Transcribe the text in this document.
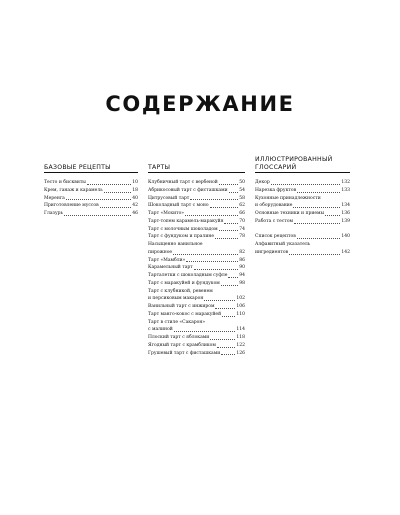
СОДЕРЖАНИЕ
БАЗОВЫЕ РЕЦЕПТЫ
Тесто и бисквиты	10
Крем, ганаж и карамель	18
Меренга	40
Приготовление муссов	42
Глазурь	46
ТАРТЫ
Клубничный тарт с вербеной	50
Абрикосовый тарт с фисташками	54
Цитрусовый тарт	58
Шоколадный тарт с моно	62
Тарт «Мохито»	66
Тарт-топем карамель-маракуйя	70
Тарт с молочным шоколадом	74
Тарт с фундуком и пралине	78
Насыщенно ванильное
пирожное	82
Тарт «Мамбли»	86
Карамельный тарт	90
Тарталетки с шоколадным суфле	94
Тарт с маракуйей и фундуком	98
Тарт с клубникой, ревенем
и персиковым макарон	102
Ванильный тарт с инжиром	106
Тарт манго-кокос с маракуйей	110
Тарт в стиле «Сакарон»
с малиной	114
Плоский тарт с яблоками	118
Ягодный тарт с крамбликом	122
Грушевый тарт с фисташками	126
ИЛЛЮСТРИРОВАННЫЙ
ГЛОССАРИЙ
Декор	132
Нарезка фруктов	133
Кухонные принадлежности
и оборудование	134
Основные техники и приемы	136
Работа с тестом	139
Список рецептов	140
Алфавитный указатель
ингредиентов	142
